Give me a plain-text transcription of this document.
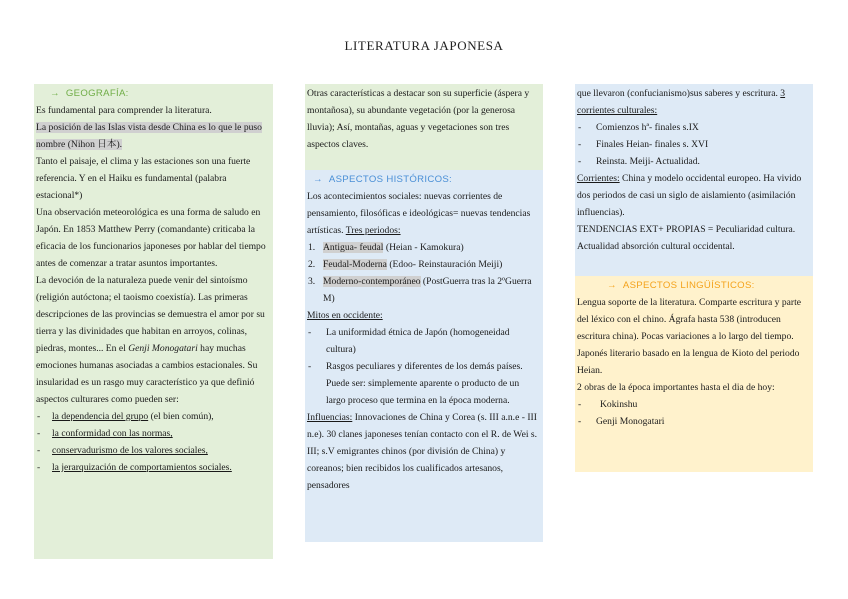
LITERATURA JAPONESA
→ GEOGRAFÍA:

Es fundamental para comprender la literatura.
La posición de las Islas vista desde China es lo que le puso nombre (Nihon 日本).
Tanto el paisaje, el clima y las estaciones son una fuerte referencia. Y en el Haiku es fundamental (palabra estacional*)
Una observación meteorológica es una forma de saludo en Japón. En 1853 Matthew Perry (comandante) criticaba la eficacia de los funcionarios japoneses por hablar del tiempo antes de comenzar a tratar asuntos importantes.
La devoción de la naturaleza puede venir del sintoísmo (religión autóctona; el taoismo coexistía). Las primeras descripciones de las provincias se demuestra el amor por su tierra y las divinidades que habitan en arroyos, colinas, piedras, montes... En el Genji Monogatari hay muchas emociones humanas asociadas a cambios estacionales. Su insularidad es un rasgo muy característico ya que definió aspectos culturares como pueden ser:

- la dependencia del grupo (el bien común),
- la conformidad con las normas,
- conservadurismo de los valores sociales,
- la jerarquización de comportamientos sociales.

Otras características a destacar son su superficie (áspera y montañosa), su abundante vegetación (por la generosa lluvia); Así, montañas, aguas y vegetaciones son tres aspectos claves.

→ ASPECTOS HISTÓRICOS:

Los acontecimientos sociales: nuevas corrientes de pensamiento, filosóficas e ideológicas= nuevas tendencias artísticas. Tres periodos:

1. Antigua- feudal (Heian - Kamokura)
2. Feudal-Moderna (Edoo- Reinstauración Meiji)
3. Moderno-contemporáneo (PostGuerra tras la 2ºGuerra M)

Mitos en occidente:

- La uniformidad étnica de Japón (homogeneidad cultura)
- Rasgos peculiares y diferentes de los demás países. Puede ser: simplemente aparente o producto de un largo proceso que termina en la época moderna.

Influencias: Innovaciones de China y Corea (s. III a.n.e - III n.e). 30 clanes japoneses tenían contacto con el R. de Wei s. III; s.V emigrantes chinos (por división de China) y coreanos; bien recibidos los cualificados artesanos, pensadores

que llevaron (confucianismo)sus saberes y escritura. 3 corrientes culturales:

- Comienzos hª- finales s.IX
- Finales Heian- finales s. XVI
- Reinsta. Meiji- Actualidad.

Corrientes: China y modelo occidental europeo. Ha vivido dos periodos de casi un siglo de aislamiento (asimilación influencias).

TENDENCIAS EXT+ PROPIAS = Peculiaridad cultura. Actualidad absorción cultural occidental.

→ ASPECTOS LINGÜÍSTICOS:

Lengua soporte de la literatura. Comparte escritura y parte del léxico con el chino. Ágrafa hasta 538 (introducen escritura china). Pocas variaciones a lo largo del tiempo. Japonés literario basado en la lengua de Kioto del periodo Heian.

2 obras de la época importantes hasta el dia de hoy:

- Kokinshu
- Genji Monogatari
